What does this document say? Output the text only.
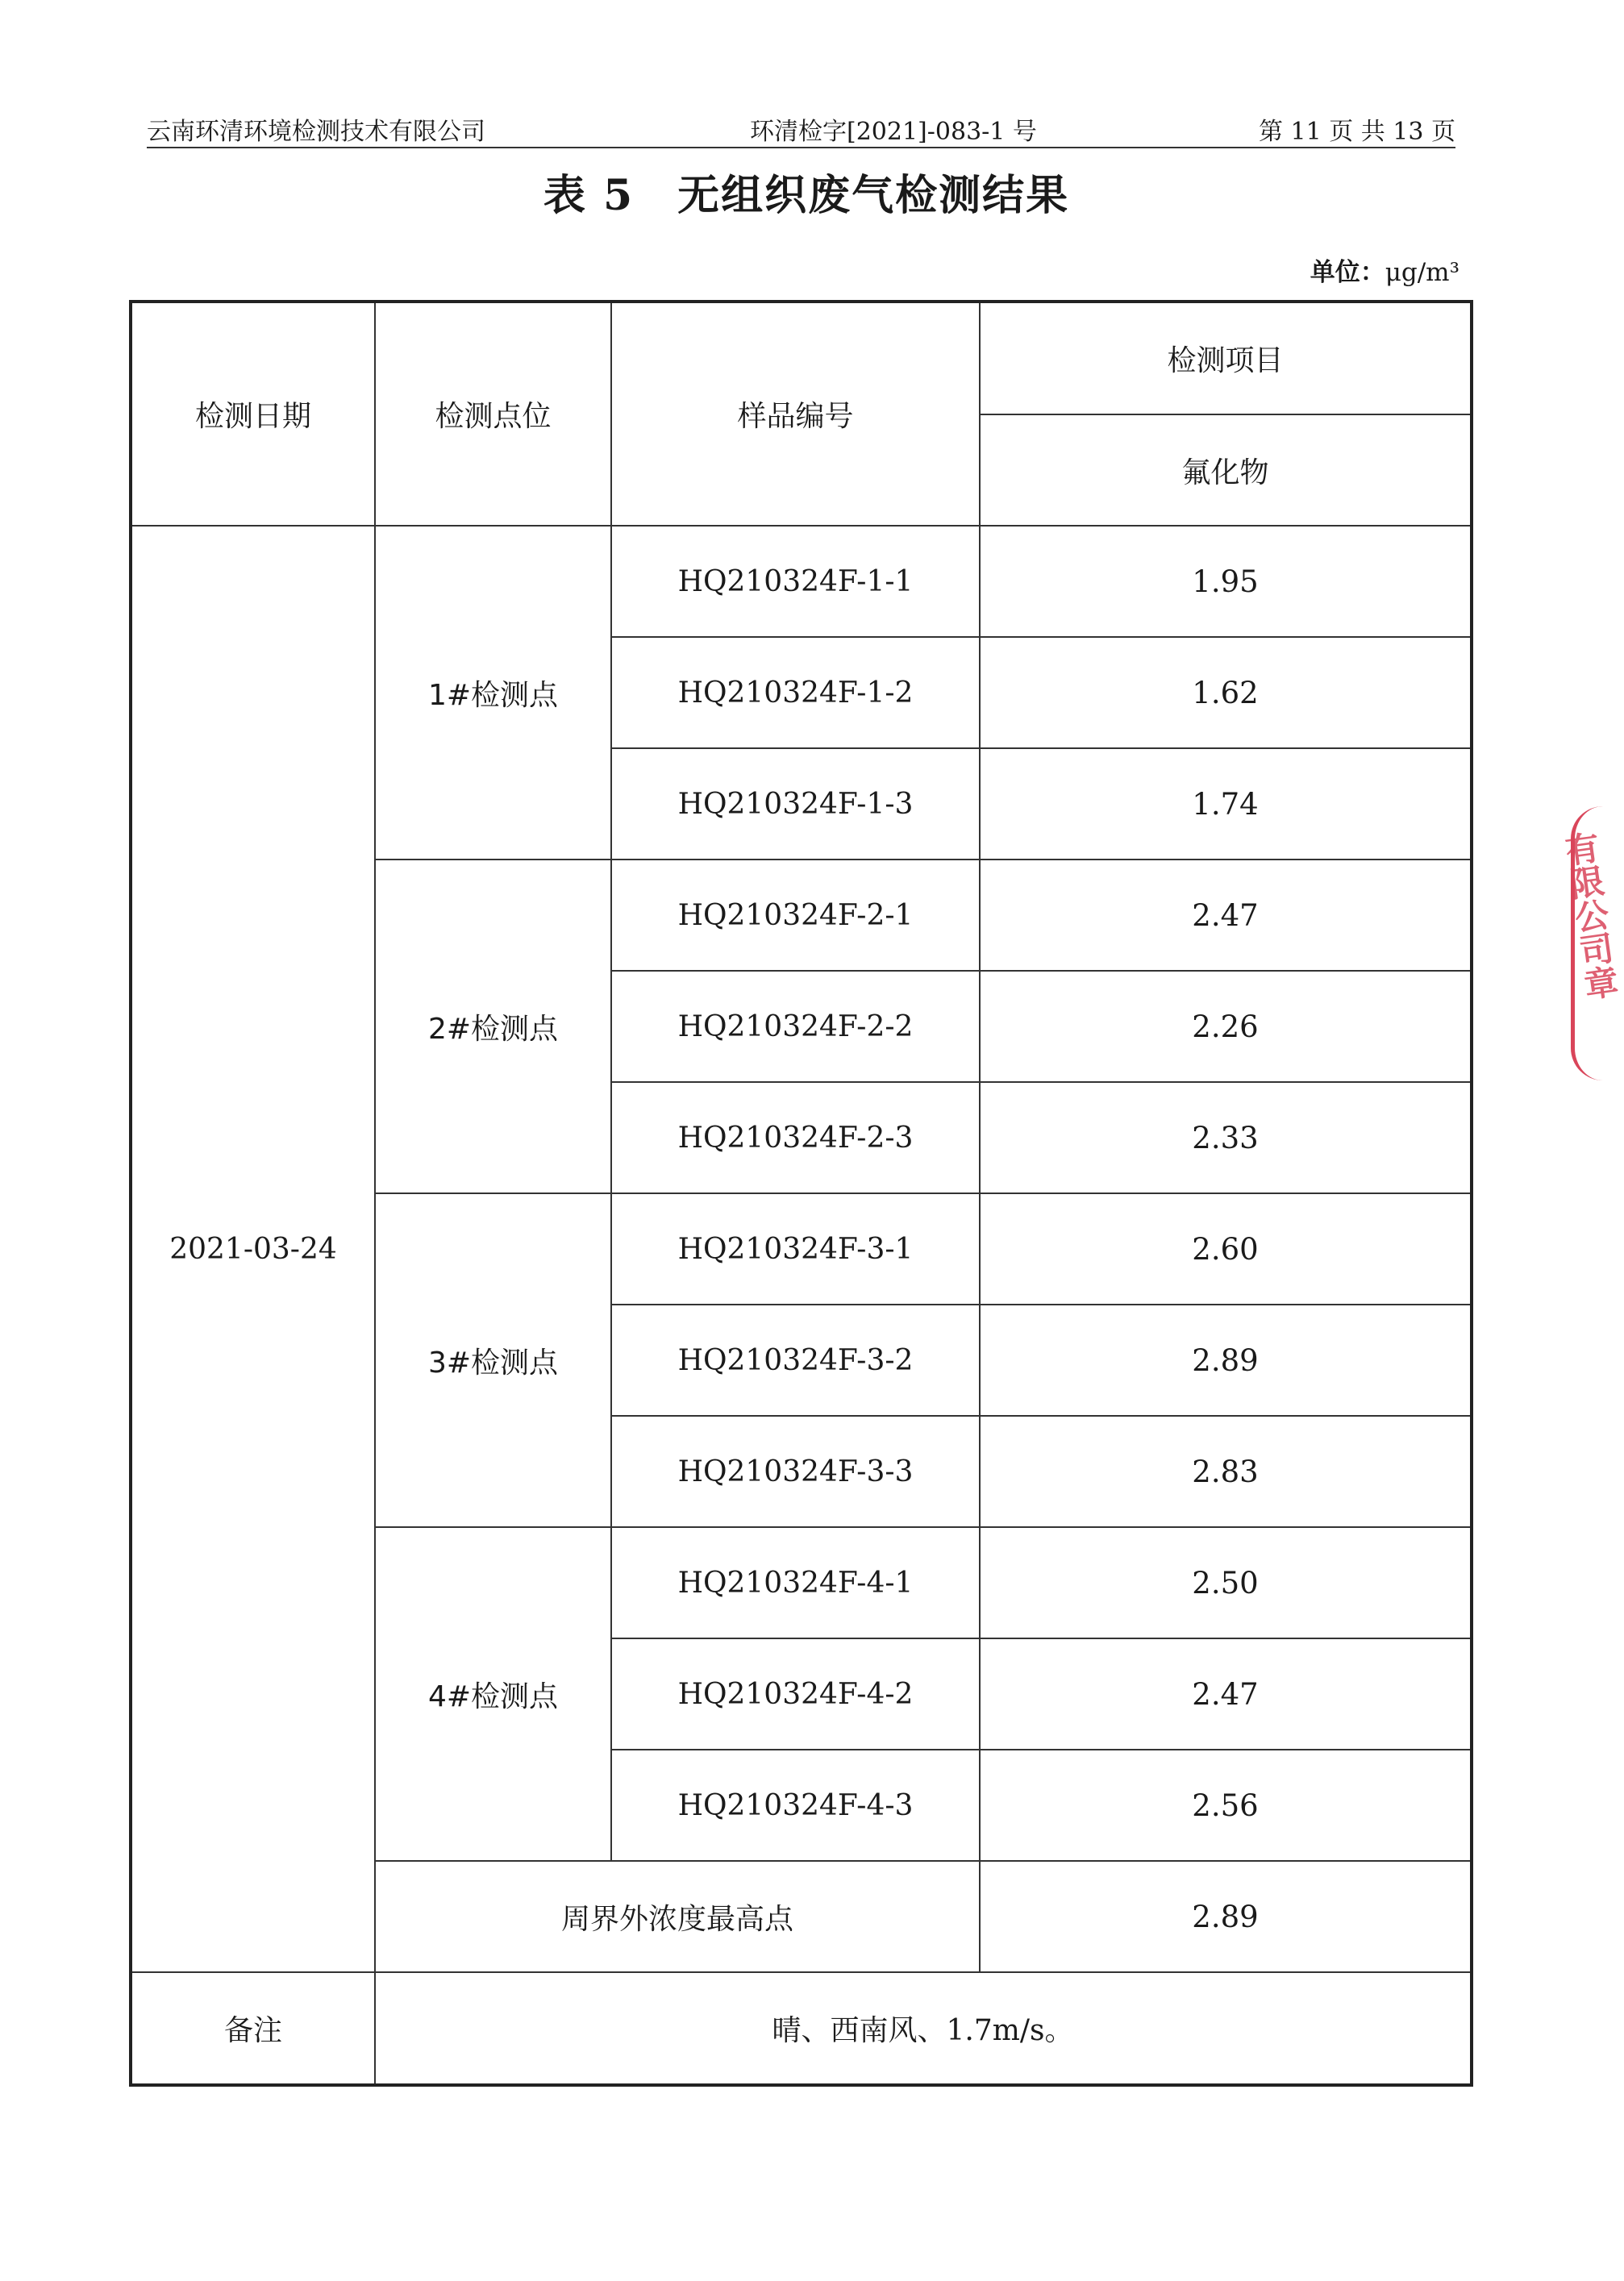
云南环清环境检测技术有限公司	环清检字[2021]-083-1 号	第 11 页 共 13 页
表 5　无组织废气检测结果
单位：μg/m³
检测日期	检测点位	样品编号	检测项目
			氟化物
2021-03-24	1#检测点	HQ210324F-1-1	1.95
		HQ210324F-1-2	1.62
		HQ210324F-1-3	1.74
	2#检测点	HQ210324F-2-1	2.47
		HQ210324F-2-2	2.26
		HQ210324F-2-3	2.33
	3#检测点	HQ210324F-3-1	2.60
		HQ210324F-3-2	2.89
		HQ210324F-3-3	2.83
	4#检测点	HQ210324F-4-1	2.50
		HQ210324F-4-2	2.47
		HQ210324F-4-3	2.56
	周界外浓度最高点		2.89
备注	晴、西南风、1.7m/s。		
有限公司章
